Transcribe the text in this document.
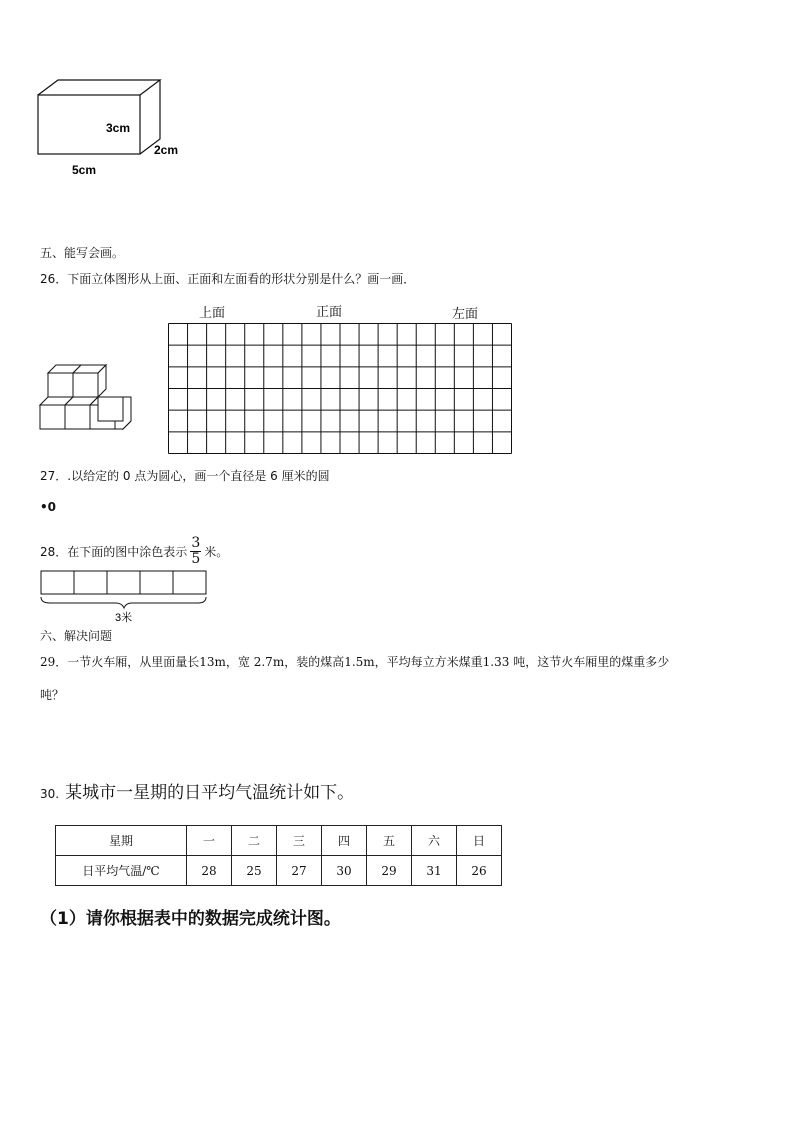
3cm
2cm
5cm
五、能写会画。
26．下面立体图形从上面、正面和左面看的形状分别是什么？画一画．
上面	正面	左面
27．.以给定的 0 点为圆心，画一个直径是 6 厘米的圆
•0
28．在下面的图中涂色表示
3
5 米。
3米
六、解决问题
29．一节火车厢，从里面量长13m，宽 2.7m，装的煤高1.5m，平均每立方米煤重1.33 吨，这节火车厢里的煤重多少
吨？
30. 某城市一星期的日平均气温统计如下。
星期	一	二	三	四	五	六	日
日平均气温/℃	28	25	27	30	29	31	26
（1）请你根据表中的数据完成统计图。
